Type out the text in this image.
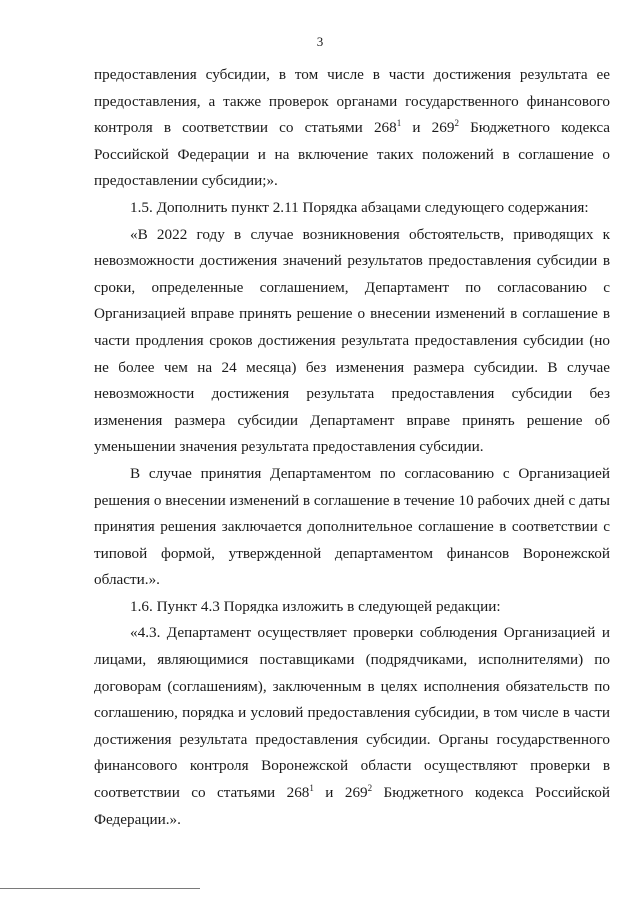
3

предоставления субсидии, в том числе в части достижения результата ее предоставления, а также проверок органами государственного финансового контроля в соответствии со статьями $268^1$ и $269^2$ Бюджетного кодекса Российской Федерации и на включение таких положений в соглашение о предоставлении субсидии;».

1.5. Дополнить пункт 2.11 Порядка абзацами следующего содержания:

«В 2022 году в случае возникновения обстоятельств, приводящих к невозможности достижения значений результатов предоставления субсидии в сроки, определенные соглашением, Департамент по согласованию с Организацией вправе принять решение о внесении изменений в соглашение в части продления сроков достижения результата предоставления субсидии (но не более чем на 24 месяца) без изменения размера субсидии. В случае невозможности достижения результата предоставления субсидии без изменения размера субсидии Департамент вправе принять решение об уменьшении значения результата предоставления субсидии.

В случае принятия Департаментом по согласованию с Организацией решения о внесении изменений в соглашение в течение 10 рабочих дней с даты принятия решения заключается дополнительное соглашение в соответствии с типовой формой, утвержденной департаментом финансов Воронежской области.».

1.6. Пункт 4.3 Порядка изложить в следующей редакции:

«4.3. Департамент осуществляет проверки соблюдения Организацией и лицами, являющимися поставщиками (подрядчиками, исполнителями) по договорам (соглашениям), заключенным в целях исполнения обязательств по соглашению, порядка и условий предоставления субсидии, в том числе в части достижения результата предоставления субсидии. Органы государственного финансового контроля Воронежской области осуществляют проверки в соответствии со статьями $268^1$ и $269^2$ Бюджетного кодекса Российской Федерации.».
